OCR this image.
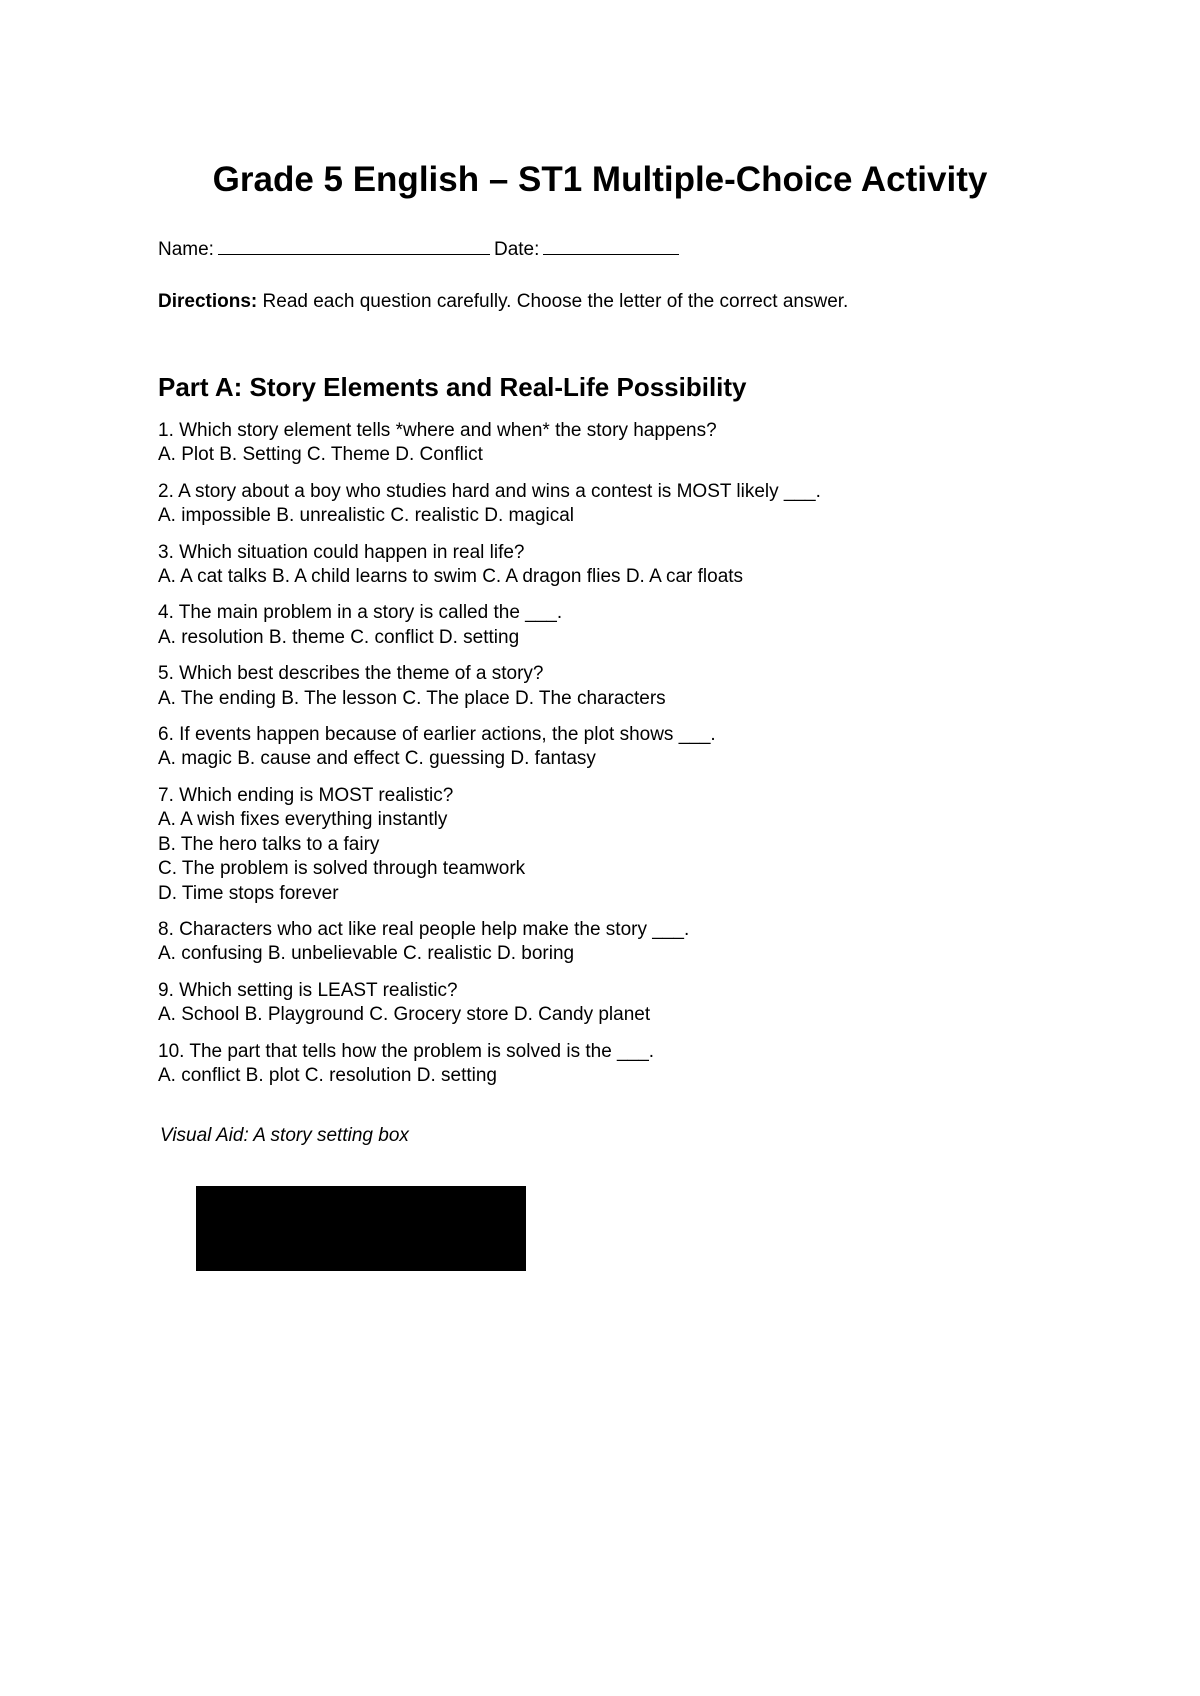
Grade 5 English – ST1 Multiple-Choice Activity
Name:	Date:
Directions: Read each question carefully. Choose the letter of the correct answer.
Part A: Story Elements and Real-Life Possibility
1. Which story element tells *where and when* the story happens?
A. Plot B. Setting C. Theme D. Conflict
2. A story about a boy who studies hard and wins a contest is MOST likely ___.
A. impossible B. unrealistic C. realistic D. magical
3. Which situation could happen in real life?
A. A cat talks B. A child learns to swim C. A dragon flies D. A car floats
4. The main problem in a story is called the ___.
A. resolution B. theme C. conflict D. setting
5. Which best describes the theme of a story?
A. The ending B. The lesson C. The place D. The characters
6. If events happen because of earlier actions, the plot shows ___.
A. magic B. cause and effect C. guessing D. fantasy
7. Which ending is MOST realistic?
A. A wish fixes everything instantly
B. The hero talks to a fairy
C. The problem is solved through teamwork
D. Time stops forever
8. Characters who act like real people help make the story ___.
A. confusing B. unbelievable C. realistic D. boring
9. Which setting is LEAST realistic?
A. School B. Playground C. Grocery store D. Candy planet
10. The part that tells how the problem is solved is the ___.
A. conflict B. plot C. resolution D. setting
Visual Aid: A story setting box
